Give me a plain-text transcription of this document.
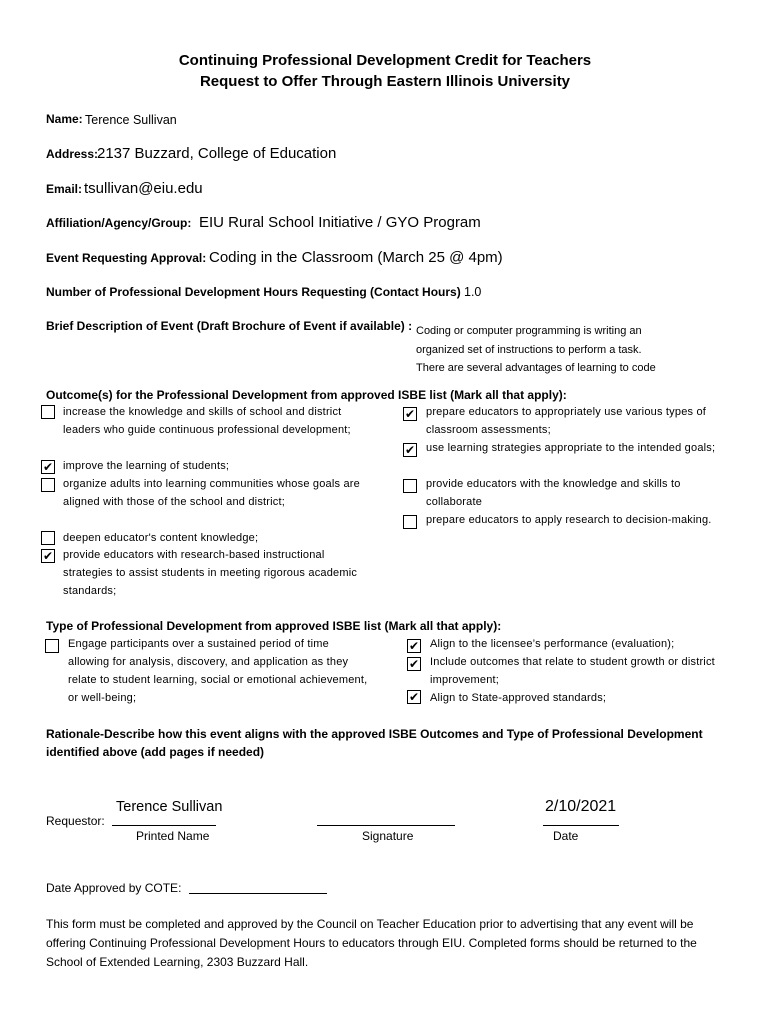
Continuing Professional Development Credit for Teachers
Request to Offer Through Eastern Illinois University
Name: Terence Sullivan
Address:
2137 Buzzard, College of Education
Email: tsullivan@eiu.edu
Affiliation/Agency/Group: EIU Rural School Initiative / GYO Program
Event Requesting Approval: Coding in the Classroom (March 25 @ 4pm)
Number of Professional Development Hours Requesting (Contact Hours) 1.0
Brief Description of Event (Draft Brochure of Event if available) : Coding or computer programming is writing an organized set of instructions to perform a task. There are several advantages of learning to code
Outcome(s) for the Professional Development from approved ISBE list (Mark all that apply):
increase the knowledge and skills of school and district leaders who guide continuous professional development;
✔ improve the learning of students;
organize adults into learning communities whose goals are aligned with those of the school and district;
deepen educator's content knowledge;
✔ provide educators with research-based instructional strategies to assist students in meeting rigorous academic standards;
✔ prepare educators to appropriately use various types of classroom assessments;
✔ use learning strategies appropriate to the intended goals;
provide educators with the knowledge and skills to collaborate
prepare educators to apply research to decision-making.
Type of Professional Development from approved ISBE list (Mark all that apply):
Engage participants over a sustained period of time allowing for analysis, discovery, and application as they relate to student learning, social or emotional achievement, or well-being;
✔ Align to the licensee’s performance (evaluation);
✔ Include outcomes that relate to student growth or district improvement;
✔ Align to State-approved standards;
Rationale-Describe how this event aligns with the approved ISBE Outcomes and Type of Professional Development identified above (add pages if needed)
Terence Sullivan
Requestor:
Printed Name	Signature
2/10/2021
Date
Date Approved by COTE:
This form must be completed and approved by the Council on Teacher Education prior to advertising that any event will be offering Continuing Professional Development Hours to educators through EIU. Completed forms should be returned to the School of Extended Learning, 2303 Buzzard Hall.
